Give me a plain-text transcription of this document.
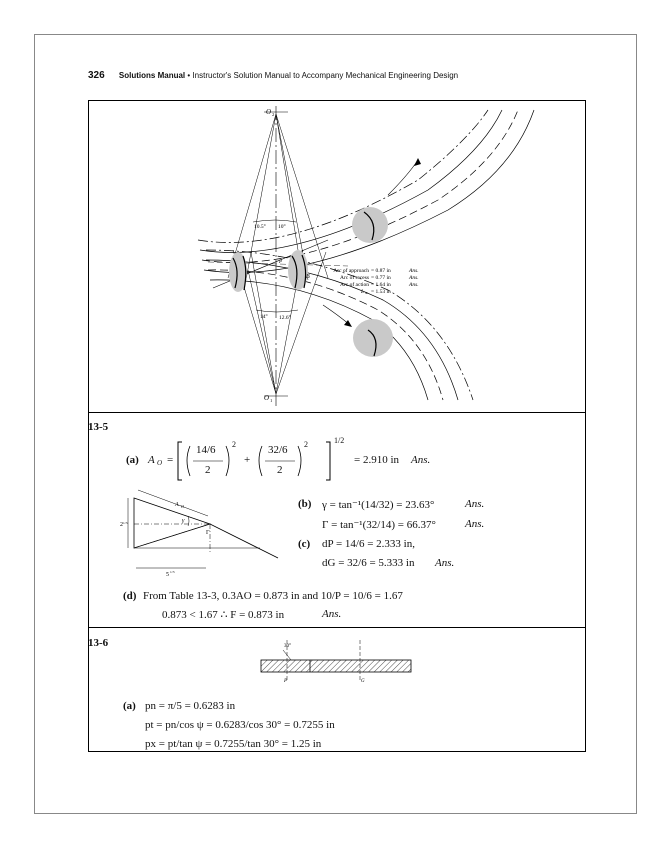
326 Solutions Manual • Instructor's Solution Manual to Accompany Mechanical Engineering Design
O 2
O 1
10.5° 10°
14° 12.6°
B
P
Arc of approach = 0.87 in	Ans.
Arc of recess = 0.77 in	Ans.
Arc of action = 1.64 in	Ans.
L ab = 1.53 in
13-5
(a) A O =
14/6
2
2
+
32/6
2
2	1/2
= 2.910 in Ans.
A O
γ
Γ
2 1/3
5 1/3
(b) γ = tan⁻¹(14/32) = 23.63°	Ans.
Γ = tan⁻¹(32/14) = 66.37°	Ans.
(c) dP = 14/6 = 2.333 in,
dG = 32/6 = 5.333 in Ans.
(d) From Table 13-3, 0.3AO = 0.873 in and 10/P = 10/6 = 1.67
0.873 < 1.67 ∴ F = 0.873 in	Ans.
13-6	30°
P	G
(a) pn = π/5 = 0.6283 in
pt = pn/cos ψ = 0.6283/cos 30° = 0.7255 in
px = pt/tan ψ = 0.7255/tan 30° = 1.25 in
